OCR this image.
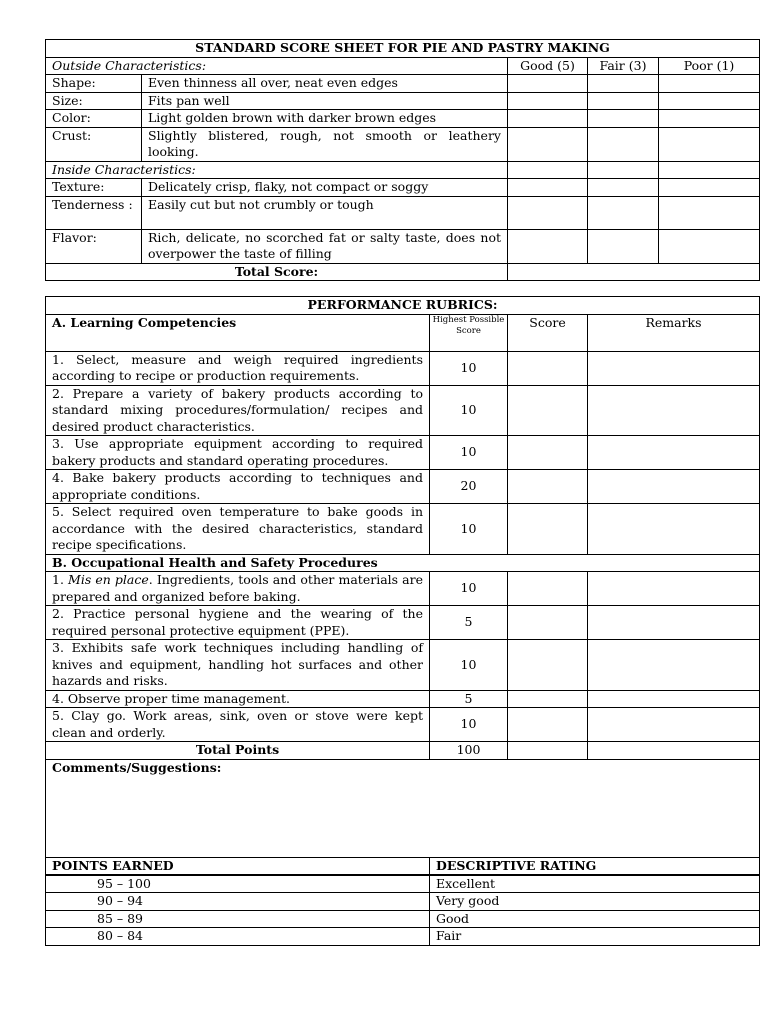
STANDARD SCORE SHEET FOR PIE AND PASTRY MAKING				
Outside Characteristics:		Good (5)	Fair (3)	Poor (1)
Shape:	Even thinness all over, neat even edges			
Size:	Fits pan well			
Color:	Light golden brown with darker brown edges			
Crust:	Slightly blistered, rough, not smooth or leathery looking.			
Inside Characteristics:				
Texture:	Delicately crisp, flaky, not compact or soggy			
Tenderness :	Easily cut but not crumbly or tough			
Flavor:	Rich, delicate, no scorched fat or salty taste, does not overpower the taste of filling			
Total Score:				
PERFORMANCE RUBRICS:			
A. Learning Competencies	Highest Possible Score	Score	Remarks
1. Select, measure and weigh required ingredients according to recipe or production requirements.	10		
2. Prepare a variety of bakery products according to standard mixing procedures/formulation/ recipes and desired product characteristics.	10		
3. Use appropriate equipment according to required bakery products and standard operating procedures.	10		
4. Bake bakery products according to techniques and appropriate conditions.	20		
5. Select required oven temperature to bake goods in accordance with the desired characteristics, standard recipe specifications.	10		
B. Occupational Health and Safety Procedures			
1. Mis en place. Ingredients, tools and other materials are prepared and organized before baking.	10		
2. Practice personal hygiene and the wearing of the required personal protective equipment (PPE).	5		
3. Exhibits safe work techniques including handling of knives and equipment, handling hot surfaces and other hazards and risks.	10		
4. Observe proper time management.	5		
5. Clay go. Work areas, sink, oven or stove were kept clean and orderly.	10		
Total Points	100		
Comments/Suggestions:			
POINTS EARNED	DESCRIPTIVE RATING
95 – 100	Excellent
90 – 94	Very good
85 – 89	Good
80 – 84	Fair
